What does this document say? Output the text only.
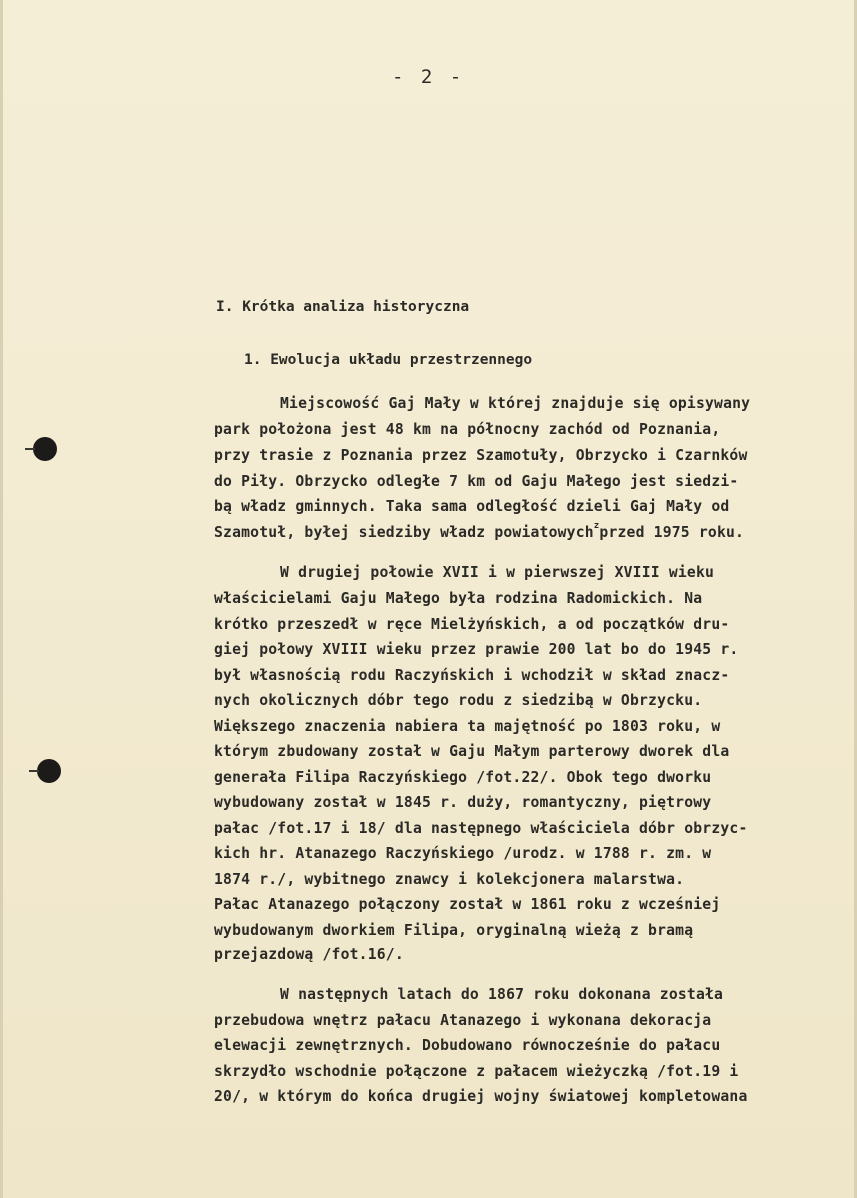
- 2 -
I. Krótka analiza historyczna
1. Ewolucja układu przestrzennego
Miejscowość Gaj Mały w której znajduje się opisywany
park położona jest 48 km na północny zachód od Poznania,
przy trasie z Poznania przez Szamotuły, Obrzycko i Czarnków
do Piły. Obrzycko odległe 7 km od Gaju Małego jest siedzi-
bą władz gminnych. Taka sama odległość dzieli Gaj Mały od
Szamotuł, byłej siedziby władz powiatowych$^z$przed 1975 roku.
W drugiej połowie XVII i w pierwszej XVIII wieku
właścicielami Gaju Małego była rodzina Radomickich. Na
krótko przeszedł w ręce Mielżyńskich, a od początków dru-
giej połowy XVIII wieku przez prawie 200 lat bo do 1945 r.
był własnością rodu Raczyńskich i wchodził w skład znacz-
nych okolicznych dóbr tego rodu z siedzibą w Obrzycku.
Większego znaczenia nabiera ta majętność po 1803 roku, w
którym zbudowany został w Gaju Małym parterowy dworek dla
generała Filipa Raczyńskiego /fot.22/. Obok tego dworku
wybudowany został w 1845 r. duży, romantyczny, piętrowy
pałac /fot.17 i 18/ dla następnego właściciela dóbr obrzyc-
kich hr. Atanazego Raczyńskiego /urodz. w 1788 r. zm. w
1874 r./, wybitnego znawcy i kolekcjonera malarstwa.
Pałac Atanazego połączony został w 1861 roku z wcześniej
wybudowanym dworkiem Filipa, oryginalną wieżą z bramą
przejazdową /fot.16/.
W następnych latach do 1867 roku dokonana została
przebudowa wnętrz pałacu Atanazego i wykonana dekoracja
elewacji zewnętrznych. Dobudowano równocześnie do pałacu
skrzydło wschodnie połączone z pałacem wieżyczką /fot.19 i
20/, w którym do końca drugiej wojny światowej kompletowana
